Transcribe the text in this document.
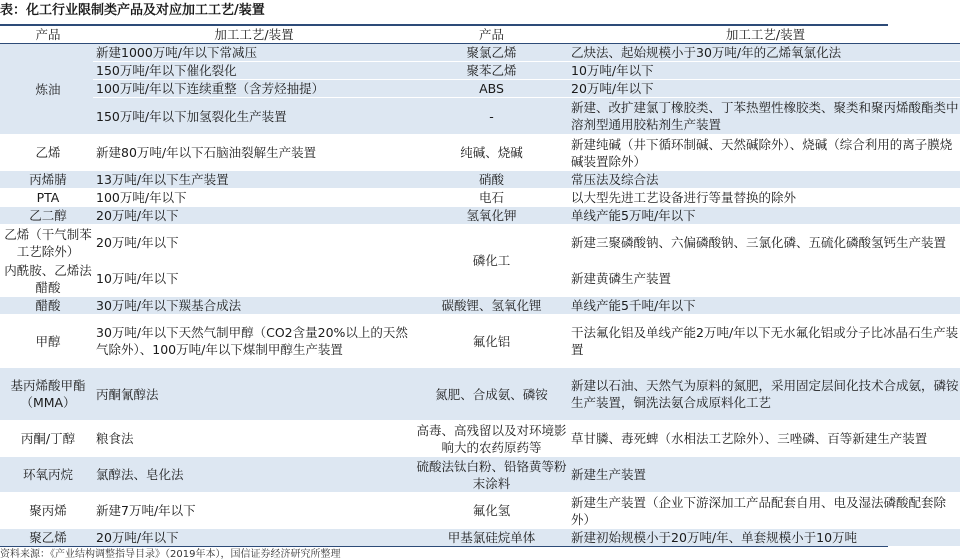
表：化工行业限制类产品及对应加工工艺/装置
产品	加工工艺/装置	产品	加工工艺/装置
炼油	新建1000万吨/年以下常减压	聚氯乙烯	乙炔法、起始规模小于30万吨/年的乙烯氧氯化法
	150万吨/年以下催化裂化	聚苯乙烯	10万吨/年以下
	100万吨/年以下连续重整（含芳烃抽提）	ABS	20万吨/年以下
	150万吨/年以下加氢裂化生产装置	-	新建、改扩建氯丁橡胶类、丁苯热塑性橡胶类、聚类和聚丙烯酸酯类中溶剂型通用胶粘剂生产装置
乙烯	新建80万吨/年以下石脑油裂解生产装置	纯碱、烧碱	新建纯碱（井下循环制碱、天然碱除外）、烧碱（综合利用的离子膜烧碱装置除外）
丙烯腈	13万吨/年以下生产装置	硝酸	常压法及综合法
PTA	100万吨/年以下	电石	以大型先进工艺设备进行等量替换的除外
乙二醇	20万吨/年以下	氢氧化钾	单线产能5万吨/年以下
乙烯（干气制苯工艺除外）	20万吨/年以下	磷化工	新建三聚磷酸钠、六偏磷酸钠、三氯化磷、五硫化磷酸氢钙生产装置
内酰胺、乙烯法醋酸	10万吨/年以下		新建黄磷生产装置
醋酸	30万吨/年以下羰基合成法	碳酸锂、氢氧化锂	单线产能5千吨/年以下
甲醇	30万吨/年以下天然气制甲醇（CO2含量20%以上的天然气除外）、100万吨/年以下煤制甲醇生产装置	氟化铝	干法氟化铝及单线产能2万吨/年以下无水氟化铝或分子比冰晶石生产装置
基丙烯酸甲酯（MMA）	丙酮氰醇法	氮肥、合成氨、磷铵	新建以石油、天然气为原料的氮肥，采用固定层间化技术合成氨，磷铵生产装置，铜洗法氨合成原料化工艺
丙酮/丁醇	粮食法	高毒、高残留以及对环境影响大的农药原药等	草甘膦、毒死蜱（水相法工艺除外）、三唑磷、百等新建生产装置
环氧丙烷	氯醇法、皂化法	硫酸法钛白粉、铅铬黄等粉末涂料	新建生产装置
聚丙烯	新建7万吨/年以下	氟化氢	新建生产装置（企业下游深加工产品配套自用、电及湿法磷酸配套除外）
聚乙烯	20万吨/年以下	甲基氯硅烷单体	新建初始规模小于20万吨/年、单套规模小于10万吨
资料来源：《产业结构调整指导目录》（2019年本），国信证券经济研究所整理
